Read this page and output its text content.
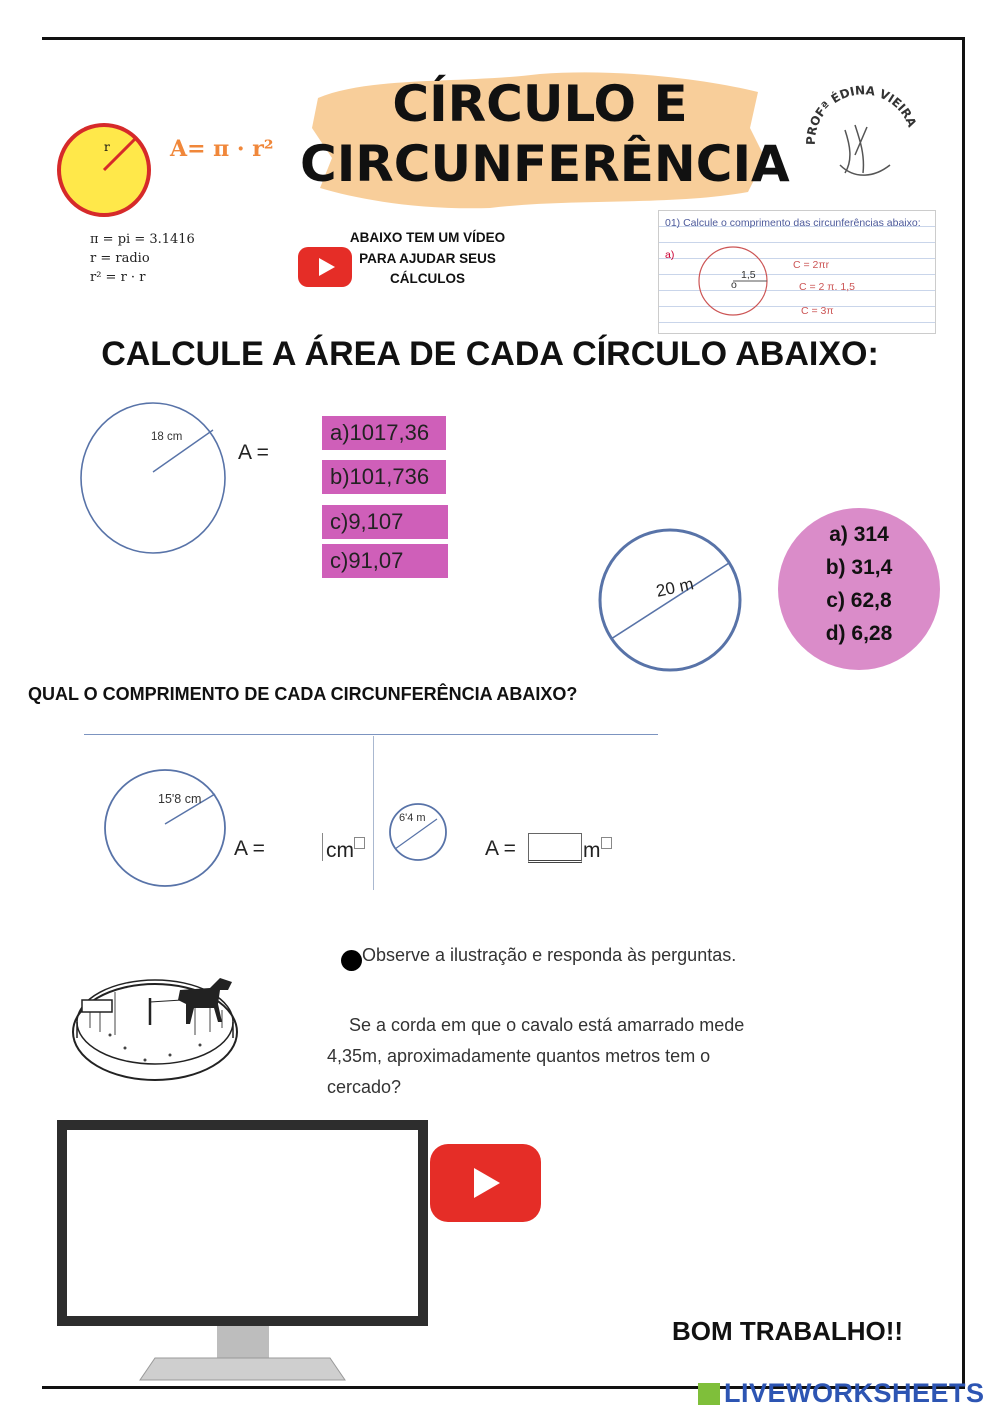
CÍRCULO E
CIRCUNFERÊNCIA
r	A= π · r²
π = pi = 3.1416
r = radio
r² = r · r
ABAIXO TEM UM VÍDEO
PARA AJUDAR SEUS
CÁLCULOS
PROFª ÉDINA VIEIRA
01) Calcule o comprimento das circunferências abaixo:
a)
1,5
o
C = 2πr
C = 2 π. 1,5
C = 3π
CALCULE A ÁREA DE CADA CÍRCULO ABAIXO:
18 cm
A =
a)1017,36
b)101,736
c)9,107
c)91,07
20 m
a) 314
b) 31,4
c) 62,8
d) 6,28
QUAL O COMPRIMENTO DE CADA CIRCUNFERÊNCIA ABAIXO?
15'8 cm
A =	cm
6'4 m
A =	m
Observe a ilustração e responda às perguntas.
Se a corda em que o cavalo está amarrado mede
4,35m, aproximadamente quantos metros tem o
cercado?
BOM TRABALHO!!
LIVEWORKSHEETS
